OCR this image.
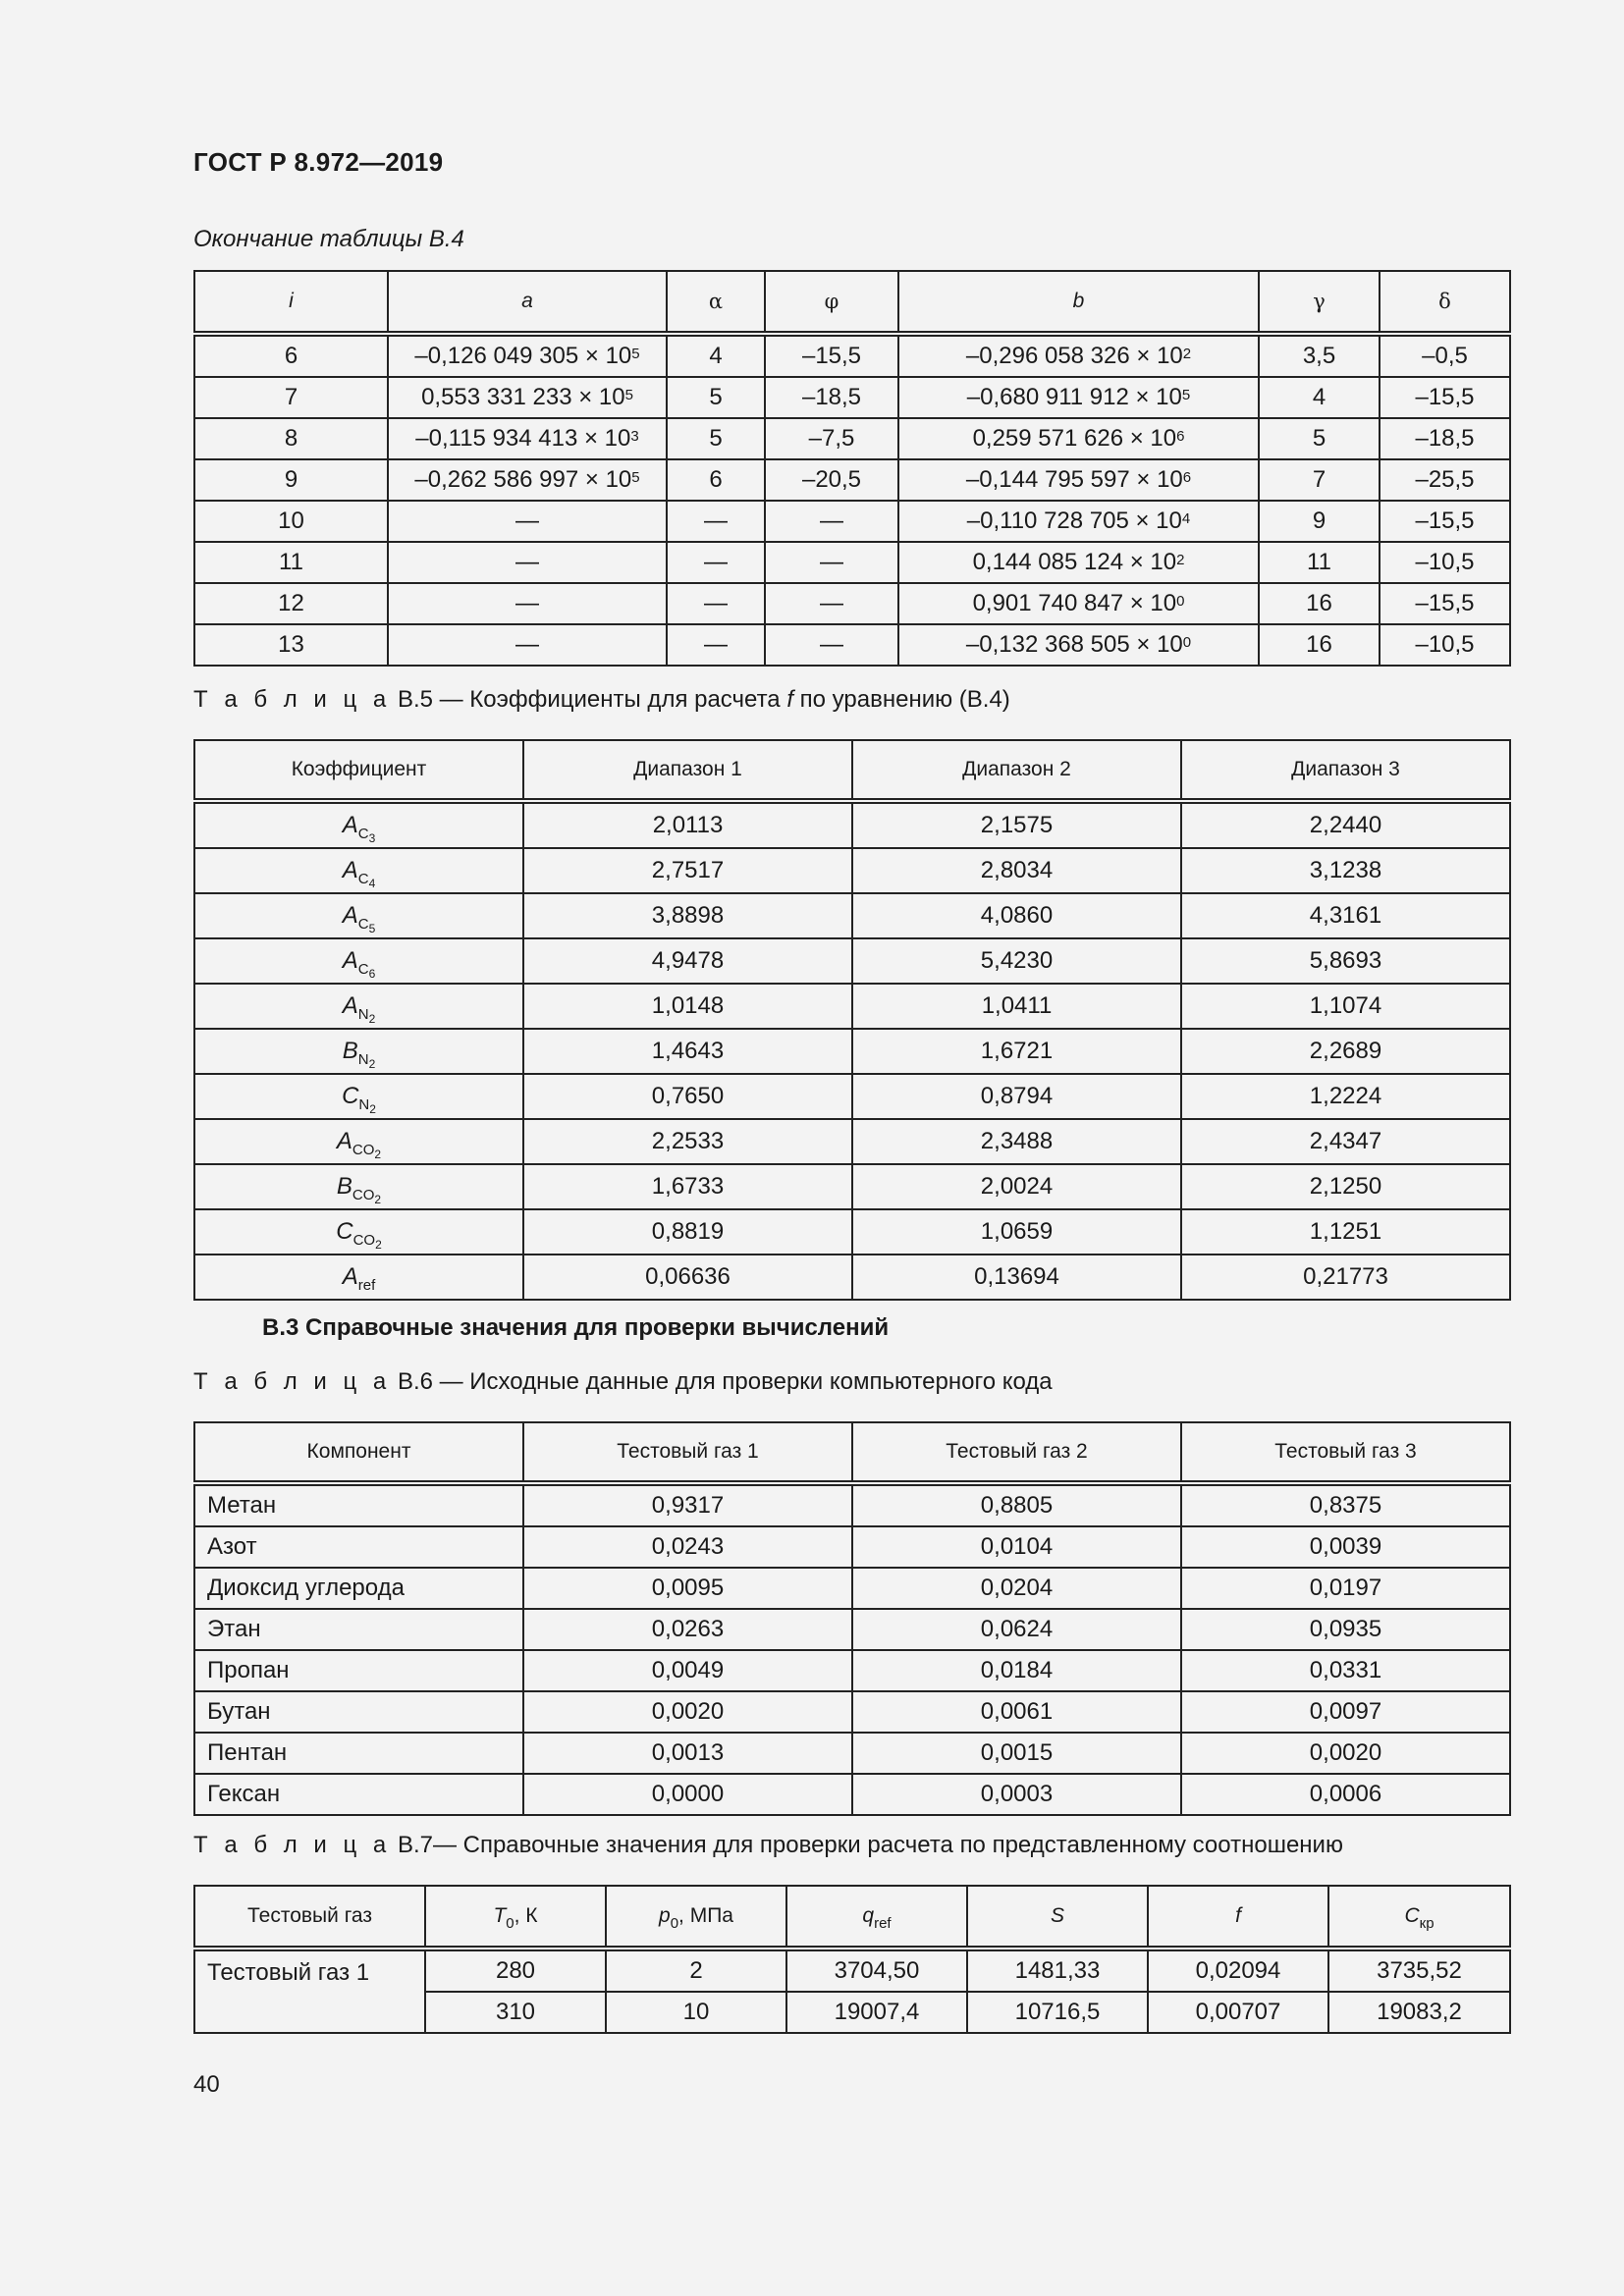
ГОСТ Р 8.972—2019
Окончание таблицы В.4
i	a	α	φ	b	γ	δ
6	–0,126 049 $305 \times 10^5$	4	–15,5	–0,296 058 $326 \times 10^2$	3,5	–0,5
7	0,553 331 $233 \times 10^5$	5	–18,5	–0,680 911 $912 \times 10^5$	4	–15,5
8	–0,115 934 $413 \times 10^3$	5	–7,5	0,259 571 $626 \times 10^6$	5	–18,5
9	–0,262 586 $997 \times 10^5$	6	–20,5	–0,144 795 $597 \times 10^6$	7	–25,5
10	—	—	—	–0,110 728 $705 \times 10^4$	9	–15,5
11	—	—	—	0,144 085 $124 \times 10^2$	11	–10,5
12	—	—	—	0,901 740 $847 \times 10^0$	16	–15,5
13	—	—	—	–0,132 368 $505 \times 10^0$	16	–10,5
Т а б л и ц а В.5 — Коэффициенты для расчета f по уравнению (В.4)
Коэффициент	Диапазон 1	Диапазон 2	Диапазон 3
$A_{C_3}$	2,0113	2,1575	2,2440
$A_{C_4}$	2,7517	2,8034	3,1238
$A_{C_5}$	3,8898	4,0860	4,3161
$A_{C_6}$	4,9478	5,4230	5,8693
$A_{N_2}$	1,0148	1,0411	1,1074
$B_{N_2}$	1,4643	1,6721	2,2689
$C_{N_2}$	0,7650	0,8794	1,2224
$A_{CO_2}$	2,2533	2,3488	2,4347
$B_{CO_2}$	1,6733	2,0024	2,1250
$C_{CO_2}$	0,8819	1,0659	1,1251
$A_{ref}$	0,06636	0,13694	0,21773
В.3 Справочные значения для проверки вычислений
Т а б л и ц а В.6 — Исходные данные для проверки компьютерного кода
Компонент	Тестовый газ 1	Тестовый газ 2	Тестовый газ 3
Метан	0,9317	0,8805	0,8375
Азот	0,0243	0,0104	0,0039
Диоксид углерода	0,0095	0,0204	0,0197
Этан	0,0263	0,0624	0,0935
Пропан	0,0049	0,0184	0,0331
Бутан	0,0020	0,0061	0,0097
Пентан	0,0013	0,0015	0,0020
Гексан	0,0000	0,0003	0,0006
Т а б л и ц а В.7— Справочные значения для проверки расчета по представленному соотношению
Тестовый газ	$T_0$, К	$p_0$, МПа	$q_{ref}$	S	f	$C_{кр}$
Тестовый газ 1	280	2	3704,50	1481,33	0,02094	3735,52
	310	10	19007,4	10716,5	0,00707	19083,2
40
